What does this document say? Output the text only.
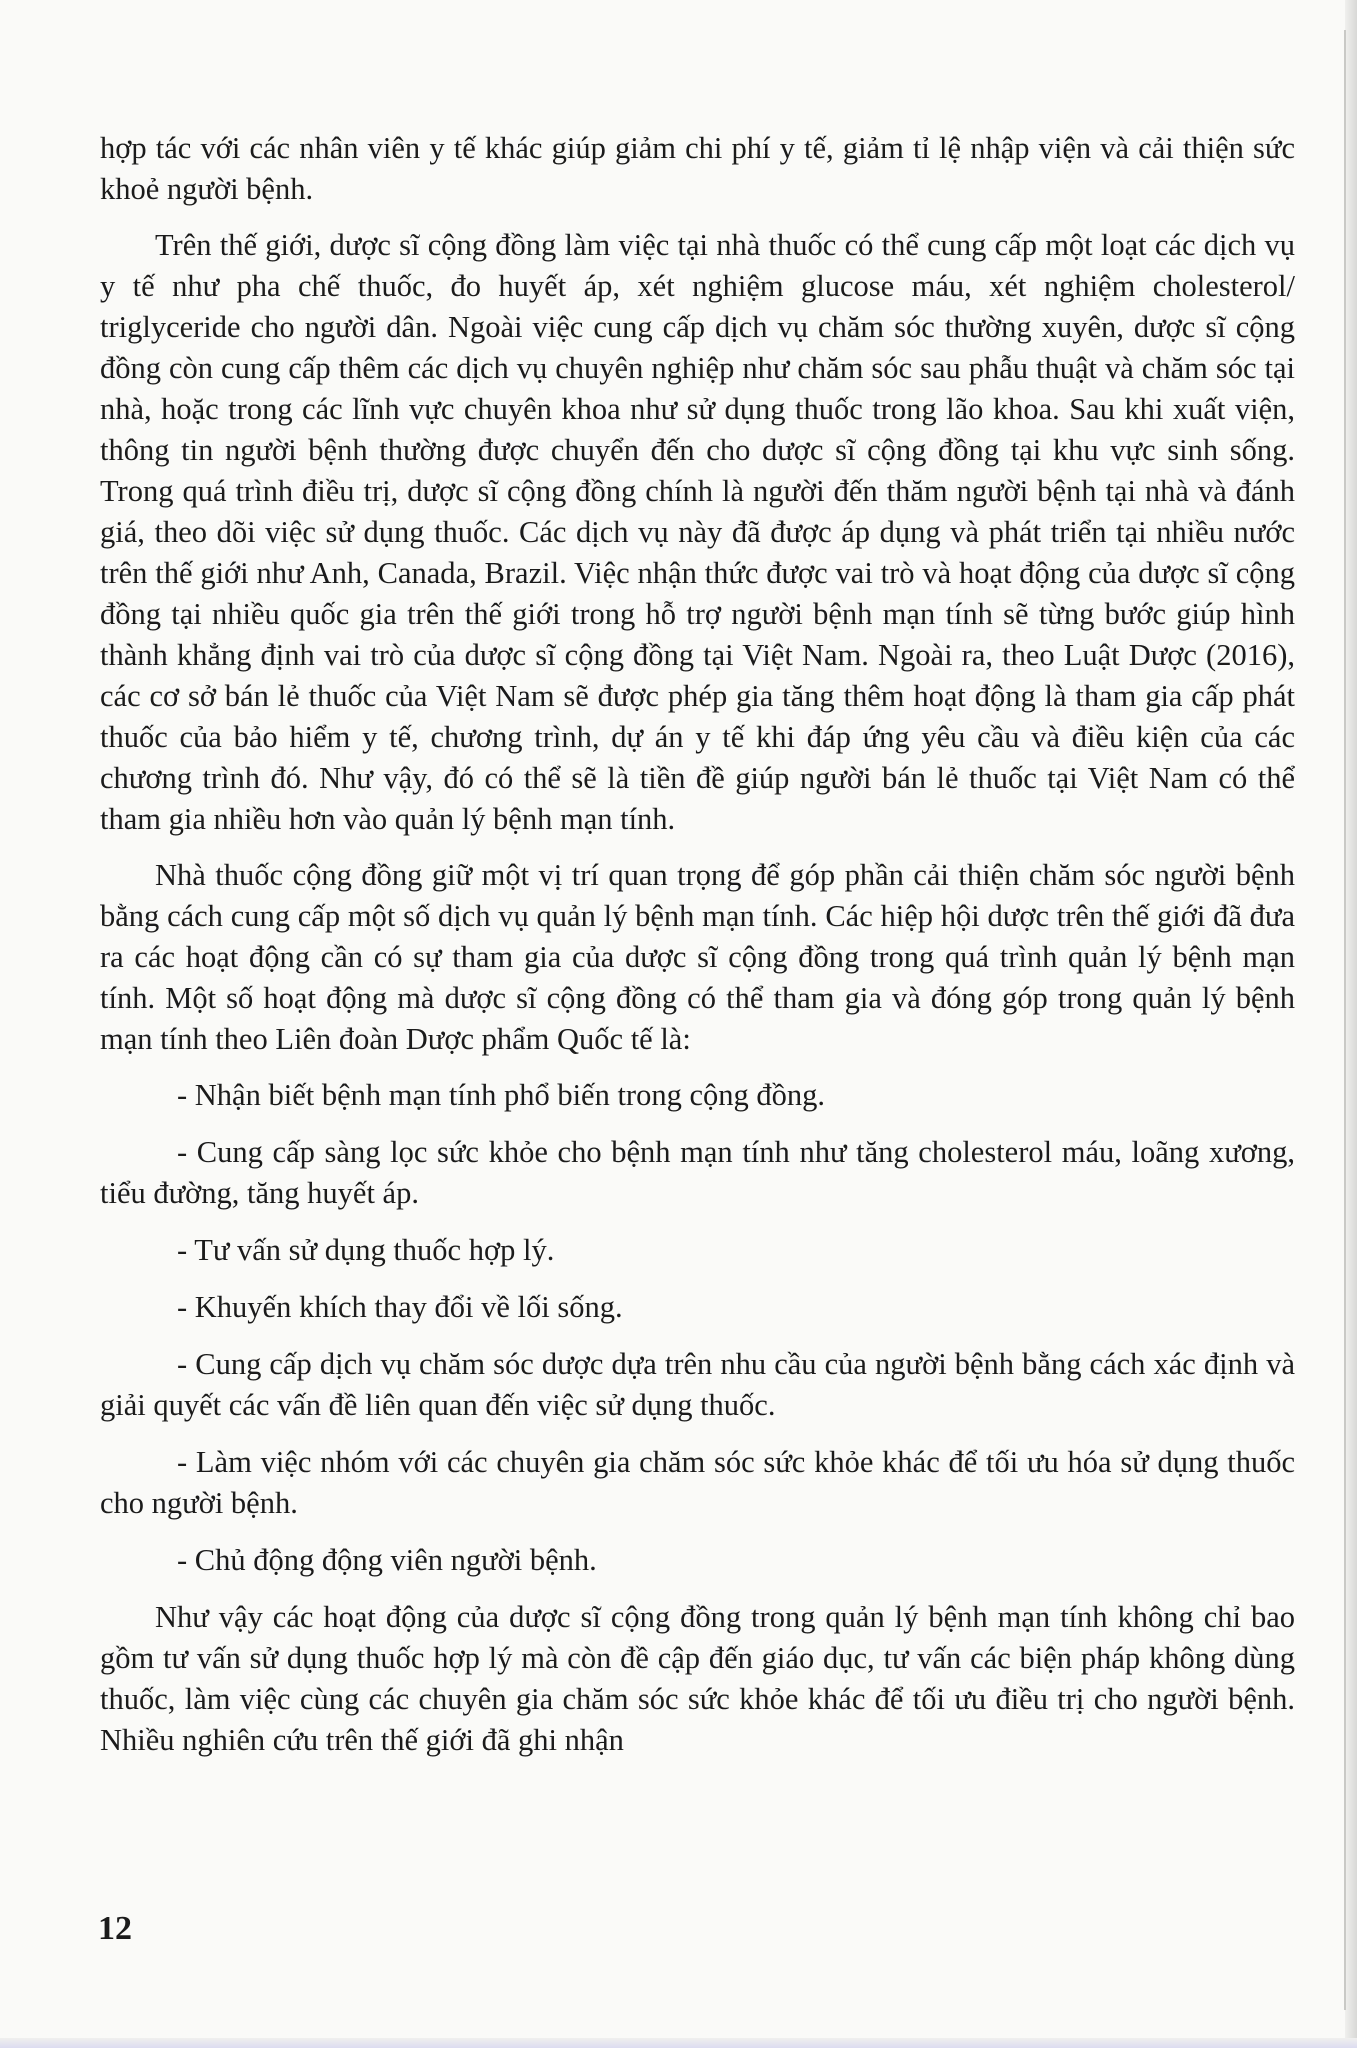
hợp tác với các nhân viên y tế khác giúp giảm chi phí y tế, giảm tỉ lệ nhập viện và cải thiện sức khoẻ người bệnh.

Trên thế giới, dược sĩ cộng đồng làm việc tại nhà thuốc có thể cung cấp một loạt các dịch vụ y tế như pha chế thuốc, đo huyết áp, xét nghiệm glucose máu, xét nghiệm cholesterol/ triglyceride cho người dân. Ngoài việc cung cấp dịch vụ chăm sóc thường xuyên, dược sĩ cộng đồng còn cung cấp thêm các dịch vụ chuyên nghiệp như chăm sóc sau phẫu thuật và chăm sóc tại nhà, hoặc trong các lĩnh vực chuyên khoa như sử dụng thuốc trong lão khoa. Sau khi xuất viện, thông tin người bệnh thường được chuyển đến cho dược sĩ cộng đồng tại khu vực sinh sống. Trong quá trình điều trị, dược sĩ cộng đồng chính là người đến thăm người bệnh tại nhà và đánh giá, theo dõi việc sử dụng thuốc. Các dịch vụ này đã được áp dụng và phát triển tại nhiều nước trên thế giới như Anh, Canada, Brazil. Việc nhận thức được vai trò và hoạt động của dược sĩ cộng đồng tại nhiều quốc gia trên thế giới trong hỗ trợ người bệnh mạn tính sẽ từng bước giúp hình thành khẳng định vai trò của dược sĩ cộng đồng tại Việt Nam. Ngoài ra, theo Luật Dược (2016), các cơ sở bán lẻ thuốc của Việt Nam sẽ được phép gia tăng thêm hoạt động là tham gia cấp phát thuốc của bảo hiểm y tế, chương trình, dự án y tế khi đáp ứng yêu cầu và điều kiện của các chương trình đó. Như vậy, đó có thể sẽ là tiền đề giúp người bán lẻ thuốc tại Việt Nam có thể tham gia nhiều hơn vào quản lý bệnh mạn tính.

Nhà thuốc cộng đồng giữ một vị trí quan trọng để góp phần cải thiện chăm sóc người bệnh bằng cách cung cấp một số dịch vụ quản lý bệnh mạn tính. Các hiệp hội dược trên thế giới đã đưa ra các hoạt động cần có sự tham gia của dược sĩ cộng đồng trong quá trình quản lý bệnh mạn tính. Một số hoạt động mà dược sĩ cộng đồng có thể tham gia và đóng góp trong quản lý bệnh mạn tính theo Liên đoàn Dược phẩm Quốc tế là:

- Nhận biết bệnh mạn tính phổ biến trong cộng đồng.

- Cung cấp sàng lọc sức khỏe cho bệnh mạn tính như tăng cholesterol máu, loãng xương, tiểu đường, tăng huyết áp.

- Tư vấn sử dụng thuốc hợp lý.

- Khuyến khích thay đổi về lối sống.

- Cung cấp dịch vụ chăm sóc dược dựa trên nhu cầu của người bệnh bằng cách xác định và giải quyết các vấn đề liên quan đến việc sử dụng thuốc.

- Làm việc nhóm với các chuyên gia chăm sóc sức khỏe khác để tối ưu hóa sử dụng thuốc cho người bệnh.

- Chủ động động viên người bệnh.

Như vậy các hoạt động của dược sĩ cộng đồng trong quản lý bệnh mạn tính không chỉ bao gồm tư vấn sử dụng thuốc hợp lý mà còn đề cập đến giáo dục, tư vấn các biện pháp không dùng thuốc, làm việc cùng các chuyên gia chăm sóc sức khỏe khác để tối ưu điều trị cho người bệnh. Nhiều nghiên cứu trên thế giới đã ghi nhận

12
